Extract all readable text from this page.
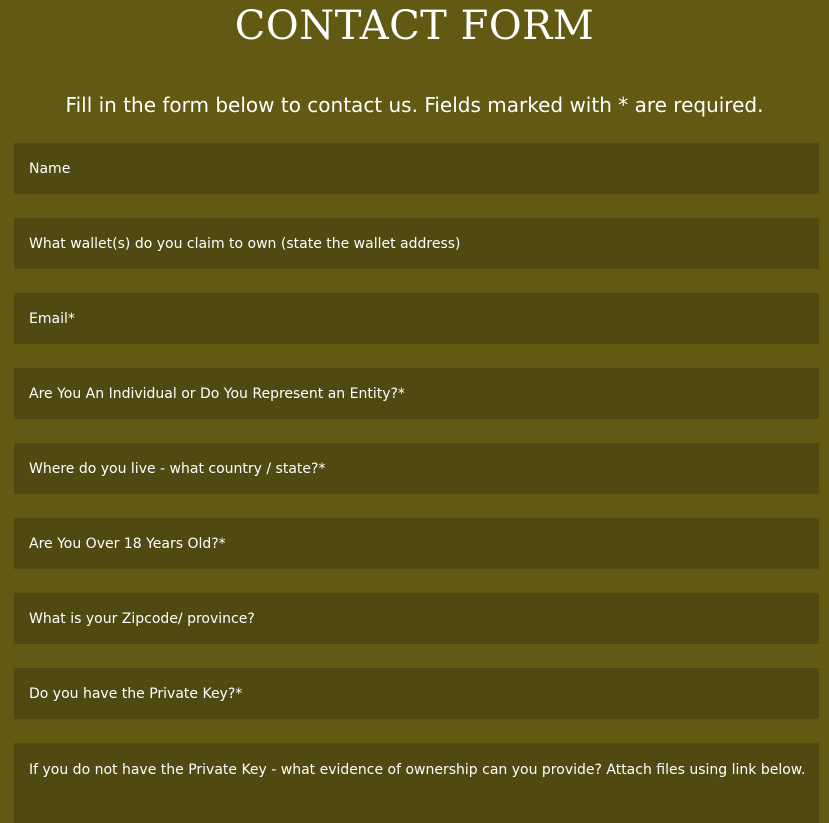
CONTACT FORM

Fill in the form below to contact us. Fields marked with * are required.

Name
What wallet(s) do you claim to own (state the wallet address)
Email*
Are You An Individual or Do You Represent an Entity?*
Where do you live - what country / state?*
Are You Over 18 Years Old?*
What is your Zipcode/ province?
Do you have the Private Key?*
If you do not have the Private Key - what evidence of ownership can you provide? Attach files using link below.
